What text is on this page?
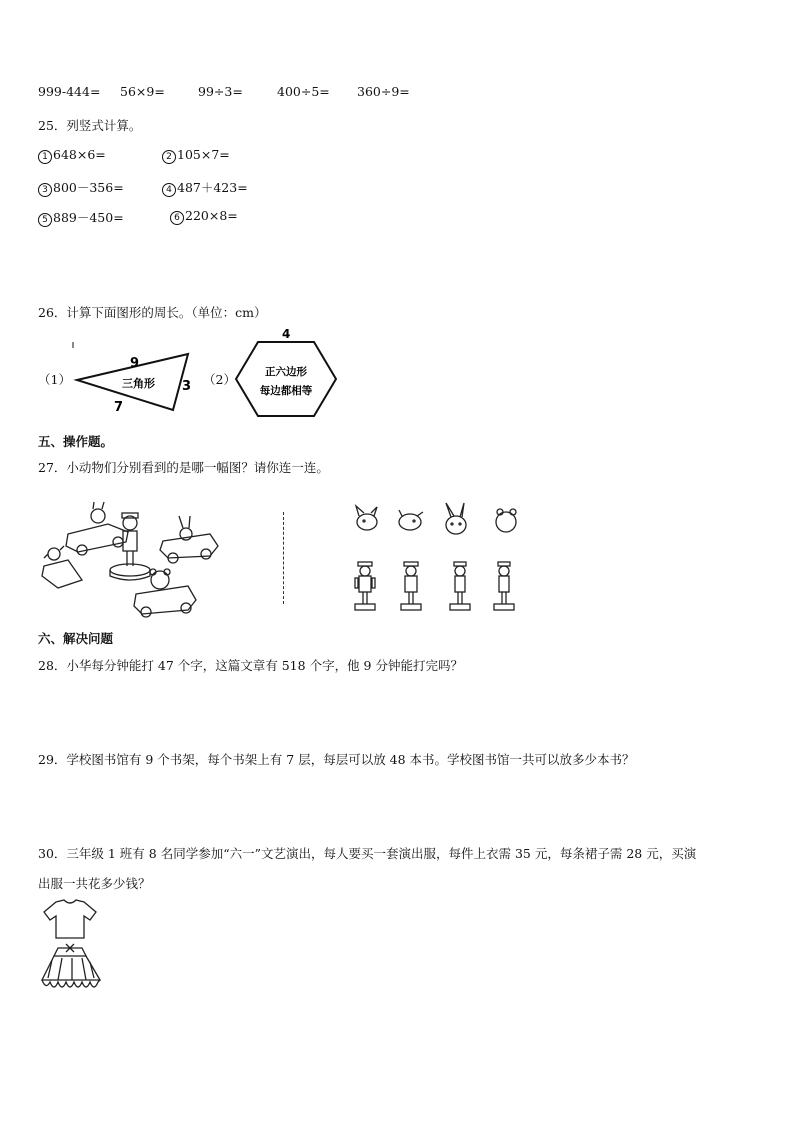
999-444= 56×9=	99÷3=	400÷5= 360÷9=
25．列竖式计算。
1 648×6=	2 105×7=
3 800－356=	4 487＋423=
5 889－450=	6 220×8=
26．计算下面图形的周长。（单位：cm）
（1）
9
3
7
三角形	（2）
4
正六边形
每边都相等
五、操作题。
27．小动物们分别看到的是哪一幅图？请你连一连。
六、解决问题
28．小华每分钟能打 47 个字，这篇文章有 518 个字，他 9 分钟能打完吗？
29．学校图书馆有 9 个书架，每个书架上有 7 层，每层可以放 48 本书。学校图书馆一共可以放多少本书？
30．三年级 1 班有 8 名同学参加“六一”文艺演出，每人要买一套演出服，每件上衣需 35 元，每条裙子需 28 元，买演
出服一共花多少钱？
